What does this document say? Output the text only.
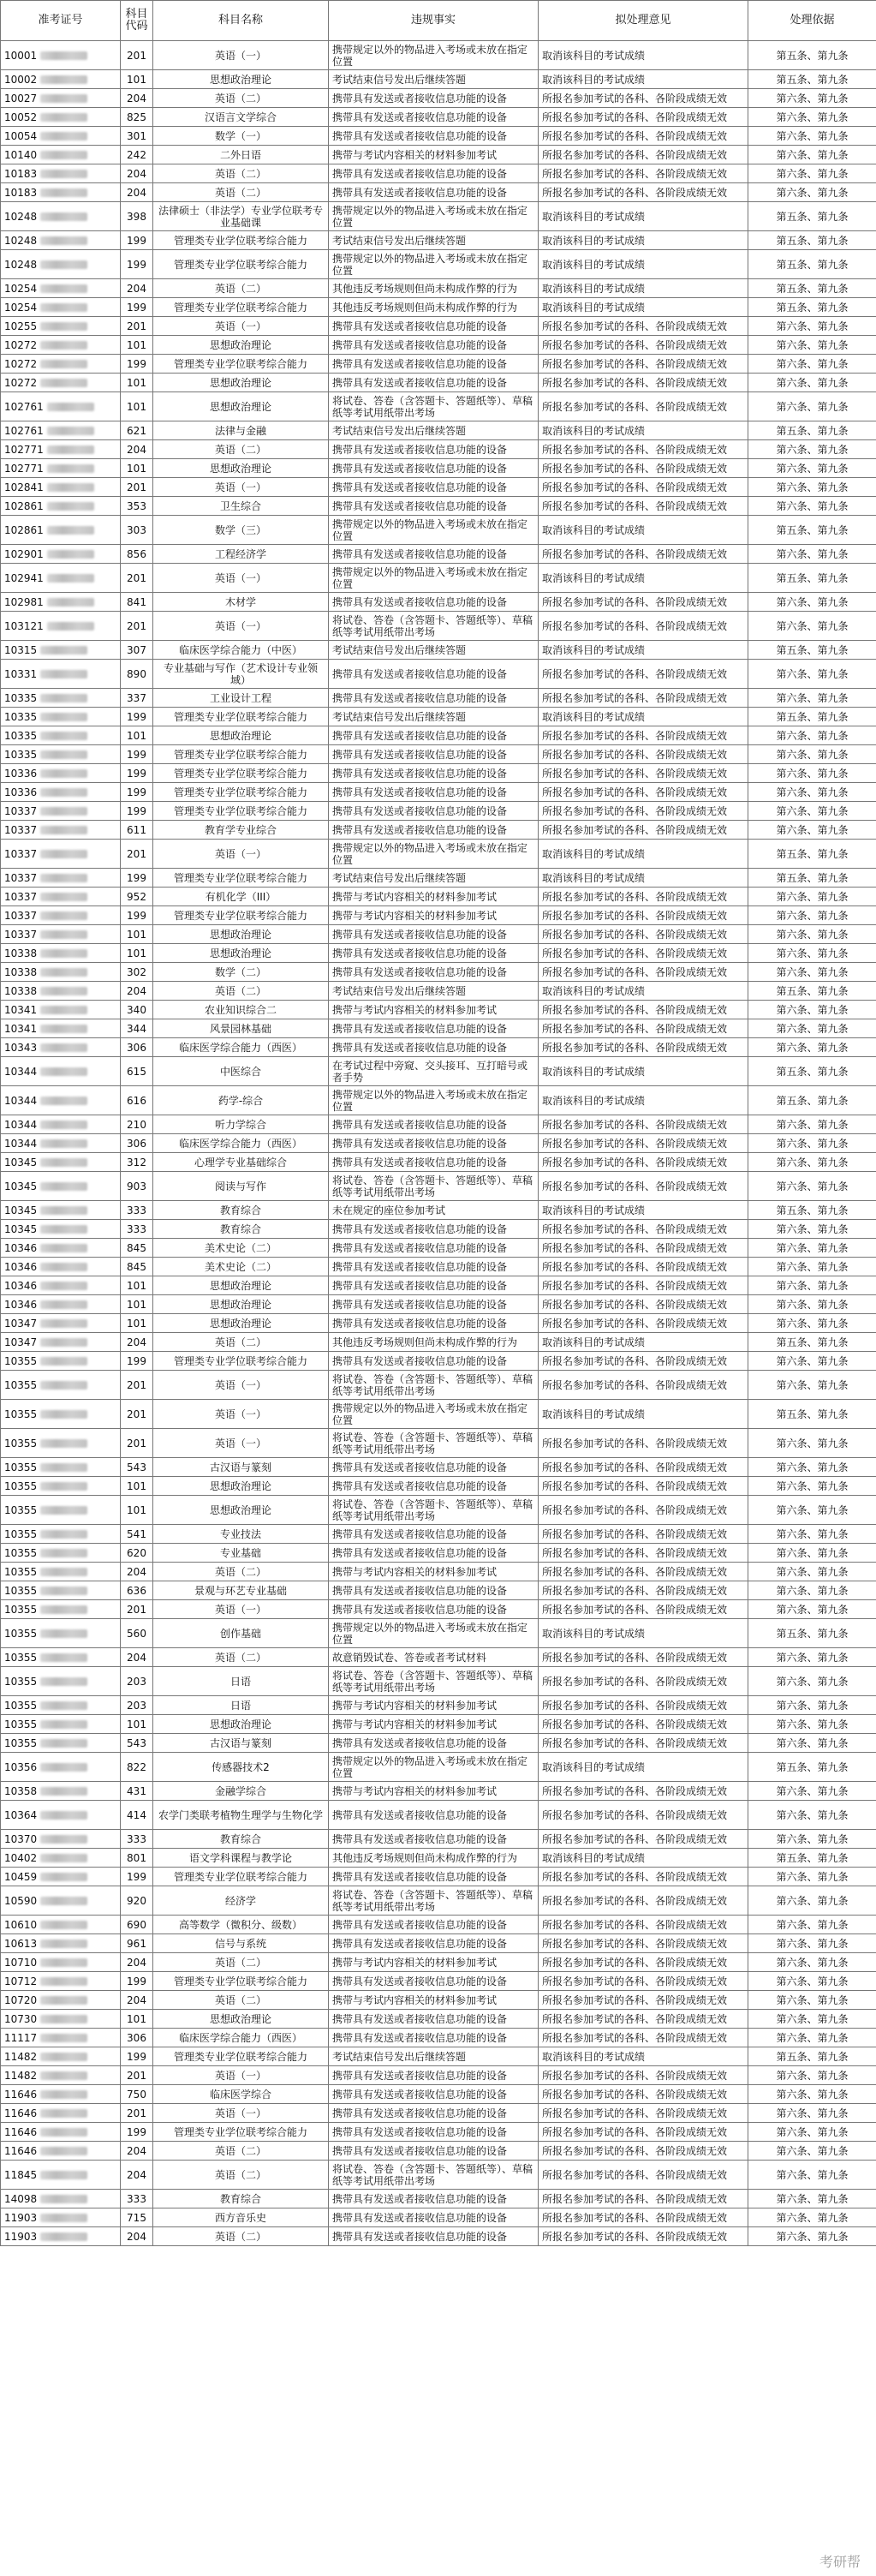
准考证号	科目代码	科目名称	违规事实	拟处理意见	处理依据
10001	201	英语（一）	携带规定以外的物品进入考场或未放在指定位置	取消该科目的考试成绩	第五条、第九条
10002	101	思想政治理论	考试结束信号发出后继续答题	取消该科目的考试成绩	第五条、第九条
10027	204	英语（二）	携带具有发送或者接收信息功能的设备	所报名参加考试的各科、各阶段成绩无效	第六条、第九条
10052	825	汉语言文学综合	携带具有发送或者接收信息功能的设备	所报名参加考试的各科、各阶段成绩无效	第六条、第九条
10054	301	数学（一）	携带具有发送或者接收信息功能的设备	所报名参加考试的各科、各阶段成绩无效	第六条、第九条
10140	242	二外日语	携带与考试内容相关的材料参加考试	所报名参加考试的各科、各阶段成绩无效	第六条、第九条
10183	204	英语（二）	携带具有发送或者接收信息功能的设备	所报名参加考试的各科、各阶段成绩无效	第六条、第九条
10183	204	英语（二）	携带具有发送或者接收信息功能的设备	所报名参加考试的各科、各阶段成绩无效	第六条、第九条
10248	398	法律硕士（非法学）专业学位联考专业基础课	携带规定以外的物品进入考场或未放在指定位置	取消该科目的考试成绩	第五条、第九条
10248	199	管理类专业学位联考综合能力	考试结束信号发出后继续答题	取消该科目的考试成绩	第五条、第九条
10248	199	管理类专业学位联考综合能力	携带规定以外的物品进入考场或未放在指定位置	取消该科目的考试成绩	第五条、第九条
10254	204	英语（二）	其他违反考场规则但尚未构成作弊的行为	取消该科目的考试成绩	第五条、第九条
10254	199	管理类专业学位联考综合能力	其他违反考场规则但尚未构成作弊的行为	取消该科目的考试成绩	第五条、第九条
10255	201	英语（一）	携带具有发送或者接收信息功能的设备	所报名参加考试的各科、各阶段成绩无效	第六条、第九条
10272	101	思想政治理论	携带具有发送或者接收信息功能的设备	所报名参加考试的各科、各阶段成绩无效	第六条、第九条
10272	199	管理类专业学位联考综合能力	携带具有发送或者接收信息功能的设备	所报名参加考试的各科、各阶段成绩无效	第六条、第九条
10272	101	思想政治理论	携带具有发送或者接收信息功能的设备	所报名参加考试的各科、各阶段成绩无效	第六条、第九条
102761	101	思想政治理论	将试卷、答卷（含答题卡、答题纸等）、草稿纸等考试用纸带出考场	所报名参加考试的各科、各阶段成绩无效	第六条、第九条
102761	621	法律与金融	考试结束信号发出后继续答题	取消该科目的考试成绩	第五条、第九条
102771	204	英语（二）	携带具有发送或者接收信息功能的设备	所报名参加考试的各科、各阶段成绩无效	第六条、第九条
102771	101	思想政治理论	携带具有发送或者接收信息功能的设备	所报名参加考试的各科、各阶段成绩无效	第六条、第九条
102841	201	英语（一）	携带具有发送或者接收信息功能的设备	所报名参加考试的各科、各阶段成绩无效	第六条、第九条
102861	353	卫生综合	携带具有发送或者接收信息功能的设备	所报名参加考试的各科、各阶段成绩无效	第六条、第九条
102861	303	数学（三）	携带规定以外的物品进入考场或未放在指定位置	取消该科目的考试成绩	第五条、第九条
102901	856	工程经济学	携带具有发送或者接收信息功能的设备	所报名参加考试的各科、各阶段成绩无效	第六条、第九条
102941	201	英语（一）	携带规定以外的物品进入考场或未放在指定位置	取消该科目的考试成绩	第五条、第九条
102981	841	木材学	携带具有发送或者接收信息功能的设备	所报名参加考试的各科、各阶段成绩无效	第六条、第九条
103121	201	英语（一）	将试卷、答卷（含答题卡、答题纸等）、草稿纸等考试用纸带出考场	所报名参加考试的各科、各阶段成绩无效	第六条、第九条
10315	307	临床医学综合能力（中医）	考试结束信号发出后继续答题	取消该科目的考试成绩	第五条、第九条
10331	890	专业基础与写作（艺术设计专业领域）	携带具有发送或者接收信息功能的设备	所报名参加考试的各科、各阶段成绩无效	第六条、第九条
10335	337	工业设计工程	携带具有发送或者接收信息功能的设备	所报名参加考试的各科、各阶段成绩无效	第六条、第九条
10335	199	管理类专业学位联考综合能力	考试结束信号发出后继续答题	取消该科目的考试成绩	第五条、第九条
10335	101	思想政治理论	携带具有发送或者接收信息功能的设备	所报名参加考试的各科、各阶段成绩无效	第六条、第九条
10335	199	管理类专业学位联考综合能力	携带具有发送或者接收信息功能的设备	所报名参加考试的各科、各阶段成绩无效	第六条、第九条
10336	199	管理类专业学位联考综合能力	携带具有发送或者接收信息功能的设备	所报名参加考试的各科、各阶段成绩无效	第六条、第九条
10336	199	管理类专业学位联考综合能力	携带具有发送或者接收信息功能的设备	所报名参加考试的各科、各阶段成绩无效	第六条、第九条
10337	199	管理类专业学位联考综合能力	携带具有发送或者接收信息功能的设备	所报名参加考试的各科、各阶段成绩无效	第六条、第九条
10337	611	教育学专业综合	携带具有发送或者接收信息功能的设备	所报名参加考试的各科、各阶段成绩无效	第六条、第九条
10337	201	英语（一）	携带规定以外的物品进入考场或未放在指定位置	取消该科目的考试成绩	第五条、第九条
10337	199	管理类专业学位联考综合能力	考试结束信号发出后继续答题	取消该科目的考试成绩	第五条、第九条
10337	952	有机化学（III）	携带与考试内容相关的材料参加考试	所报名参加考试的各科、各阶段成绩无效	第六条、第九条
10337	199	管理类专业学位联考综合能力	携带与考试内容相关的材料参加考试	所报名参加考试的各科、各阶段成绩无效	第六条、第九条
10337	101	思想政治理论	携带具有发送或者接收信息功能的设备	所报名参加考试的各科、各阶段成绩无效	第六条、第九条
10338	101	思想政治理论	携带具有发送或者接收信息功能的设备	所报名参加考试的各科、各阶段成绩无效	第六条、第九条
10338	302	数学（二）	携带具有发送或者接收信息功能的设备	所报名参加考试的各科、各阶段成绩无效	第六条、第九条
10338	204	英语（二）	考试结束信号发出后继续答题	取消该科目的考试成绩	第五条、第九条
10341	340	农业知识综合二	携带与考试内容相关的材料参加考试	所报名参加考试的各科、各阶段成绩无效	第六条、第九条
10341	344	风景园林基础	携带具有发送或者接收信息功能的设备	所报名参加考试的各科、各阶段成绩无效	第六条、第九条
10343	306	临床医学综合能力（西医）	携带具有发送或者接收信息功能的设备	所报名参加考试的各科、各阶段成绩无效	第六条、第九条
10344	615	中医综合	在考试过程中旁窥、交头接耳、互打暗号或者手势	取消该科目的考试成绩	第五条、第九条
10344	616	药学-综合	携带规定以外的物品进入考场或未放在指定位置	取消该科目的考试成绩	第五条、第九条
10344	210	听力学综合	携带具有发送或者接收信息功能的设备	所报名参加考试的各科、各阶段成绩无效	第六条、第九条
10344	306	临床医学综合能力（西医）	携带具有发送或者接收信息功能的设备	所报名参加考试的各科、各阶段成绩无效	第六条、第九条
10345	312	心理学专业基础综合	携带具有发送或者接收信息功能的设备	所报名参加考试的各科、各阶段成绩无效	第六条、第九条
10345	903	阅读与写作	将试卷、答卷（含答题卡、答题纸等）、草稿纸等考试用纸带出考场	所报名参加考试的各科、各阶段成绩无效	第六条、第九条
10345	333	教育综合	未在规定的座位参加考试	取消该科目的考试成绩	第五条、第九条
10345	333	教育综合	携带具有发送或者接收信息功能的设备	所报名参加考试的各科、各阶段成绩无效	第六条、第九条
10346	845	美术史论（二）	携带具有发送或者接收信息功能的设备	所报名参加考试的各科、各阶段成绩无效	第六条、第九条
10346	845	美术史论（二）	携带具有发送或者接收信息功能的设备	所报名参加考试的各科、各阶段成绩无效	第六条、第九条
10346	101	思想政治理论	携带具有发送或者接收信息功能的设备	所报名参加考试的各科、各阶段成绩无效	第六条、第九条
10346	101	思想政治理论	携带具有发送或者接收信息功能的设备	所报名参加考试的各科、各阶段成绩无效	第六条、第九条
10347	101	思想政治理论	携带具有发送或者接收信息功能的设备	所报名参加考试的各科、各阶段成绩无效	第六条、第九条
10347	204	英语（二）	其他违反考场规则但尚未构成作弊的行为	取消该科目的考试成绩	第五条、第九条
10355	199	管理类专业学位联考综合能力	携带具有发送或者接收信息功能的设备	所报名参加考试的各科、各阶段成绩无效	第六条、第九条
10355	201	英语（一）	将试卷、答卷（含答题卡、答题纸等）、草稿纸等考试用纸带出考场	所报名参加考试的各科、各阶段成绩无效	第六条、第九条
10355	201	英语（一）	携带规定以外的物品进入考场或未放在指定位置	取消该科目的考试成绩	第五条、第九条
10355	201	英语（一）	将试卷、答卷（含答题卡、答题纸等）、草稿纸等考试用纸带出考场	所报名参加考试的各科、各阶段成绩无效	第六条、第九条
10355	543	古汉语与篆刻	携带具有发送或者接收信息功能的设备	所报名参加考试的各科、各阶段成绩无效	第六条、第九条
10355	101	思想政治理论	携带具有发送或者接收信息功能的设备	所报名参加考试的各科、各阶段成绩无效	第六条、第九条
10355	101	思想政治理论	将试卷、答卷（含答题卡、答题纸等）、草稿纸等考试用纸带出考场	所报名参加考试的各科、各阶段成绩无效	第六条、第九条
10355	541	专业技法	携带具有发送或者接收信息功能的设备	所报名参加考试的各科、各阶段成绩无效	第六条、第九条
10355	620	专业基础	携带具有发送或者接收信息功能的设备	所报名参加考试的各科、各阶段成绩无效	第六条、第九条
10355	204	英语（二）	携带与考试内容相关的材料参加考试	所报名参加考试的各科、各阶段成绩无效	第六条、第九条
10355	636	景观与环艺专业基础	携带具有发送或者接收信息功能的设备	所报名参加考试的各科、各阶段成绩无效	第六条、第九条
10355	201	英语（一）	携带具有发送或者接收信息功能的设备	所报名参加考试的各科、各阶段成绩无效	第六条、第九条
10355	560	创作基础	携带规定以外的物品进入考场或未放在指定位置	取消该科目的考试成绩	第五条、第九条
10355	204	英语（二）	故意销毁试卷、答卷或者考试材料	所报名参加考试的各科、各阶段成绩无效	第六条、第九条
10355	203	日语	将试卷、答卷（含答题卡、答题纸等）、草稿纸等考试用纸带出考场	所报名参加考试的各科、各阶段成绩无效	第六条、第九条
10355	203	日语	携带与考试内容相关的材料参加考试	所报名参加考试的各科、各阶段成绩无效	第六条、第九条
10355	101	思想政治理论	携带与考试内容相关的材料参加考试	所报名参加考试的各科、各阶段成绩无效	第六条、第九条
10355	543	古汉语与篆刻	携带具有发送或者接收信息功能的设备	所报名参加考试的各科、各阶段成绩无效	第六条、第九条
10356	822	传感器技术2	携带规定以外的物品进入考场或未放在指定位置	取消该科目的考试成绩	第五条、第九条
10358	431	金融学综合	携带与考试内容相关的材料参加考试	所报名参加考试的各科、各阶段成绩无效	第六条、第九条
10364	414	农学门类联考植物生理学与生物化学	携带具有发送或者接收信息功能的设备	所报名参加考试的各科、各阶段成绩无效	第六条、第九条
10370	333	教育综合	携带具有发送或者接收信息功能的设备	所报名参加考试的各科、各阶段成绩无效	第六条、第九条
10402	801	语文学科课程与教学论	其他违反考场规则但尚未构成作弊的行为	取消该科目的考试成绩	第五条、第九条
10459	199	管理类专业学位联考综合能力	携带具有发送或者接收信息功能的设备	所报名参加考试的各科、各阶段成绩无效	第六条、第九条
10590	920	经济学	将试卷、答卷（含答题卡、答题纸等）、草稿纸等考试用纸带出考场	所报名参加考试的各科、各阶段成绩无效	第六条、第九条
10610	690	高等数学（微积分、级数）	携带具有发送或者接收信息功能的设备	所报名参加考试的各科、各阶段成绩无效	第六条、第九条
10613	961	信号与系统	携带具有发送或者接收信息功能的设备	所报名参加考试的各科、各阶段成绩无效	第六条、第九条
10710	204	英语（二）	携带与考试内容相关的材料参加考试	所报名参加考试的各科、各阶段成绩无效	第六条、第九条
10712	199	管理类专业学位联考综合能力	携带具有发送或者接收信息功能的设备	所报名参加考试的各科、各阶段成绩无效	第六条、第九条
10720	204	英语（二）	携带与考试内容相关的材料参加考试	所报名参加考试的各科、各阶段成绩无效	第六条、第九条
10730	101	思想政治理论	携带具有发送或者接收信息功能的设备	所报名参加考试的各科、各阶段成绩无效	第六条、第九条
11117	306	临床医学综合能力（西医）	携带具有发送或者接收信息功能的设备	所报名参加考试的各科、各阶段成绩无效	第六条、第九条
11482	199	管理类专业学位联考综合能力	考试结束信号发出后继续答题	取消该科目的考试成绩	第五条、第九条
11482	201	英语（一）	携带具有发送或者接收信息功能的设备	所报名参加考试的各科、各阶段成绩无效	第六条、第九条
11646	750	临床医学综合	携带具有发送或者接收信息功能的设备	所报名参加考试的各科、各阶段成绩无效	第六条、第九条
11646	201	英语（一）	携带具有发送或者接收信息功能的设备	所报名参加考试的各科、各阶段成绩无效	第六条、第九条
11646	199	管理类专业学位联考综合能力	携带具有发送或者接收信息功能的设备	所报名参加考试的各科、各阶段成绩无效	第六条、第九条
11646	204	英语（二）	携带具有发送或者接收信息功能的设备	所报名参加考试的各科、各阶段成绩无效	第六条、第九条
11845	204	英语（二）	将试卷、答卷（含答题卡、答题纸等）、草稿纸等考试用纸带出考场	所报名参加考试的各科、各阶段成绩无效	第六条、第九条
14098	333	教育综合	携带具有发送或者接收信息功能的设备	所报名参加考试的各科、各阶段成绩无效	第六条、第九条
11903	715	西方音乐史	携带具有发送或者接收信息功能的设备	所报名参加考试的各科、各阶段成绩无效	第六条、第九条
11903	204	英语（二）	携带具有发送或者接收信息功能的设备	所报名参加考试的各科、各阶段成绩无效	第六条、第九条
考研帮
